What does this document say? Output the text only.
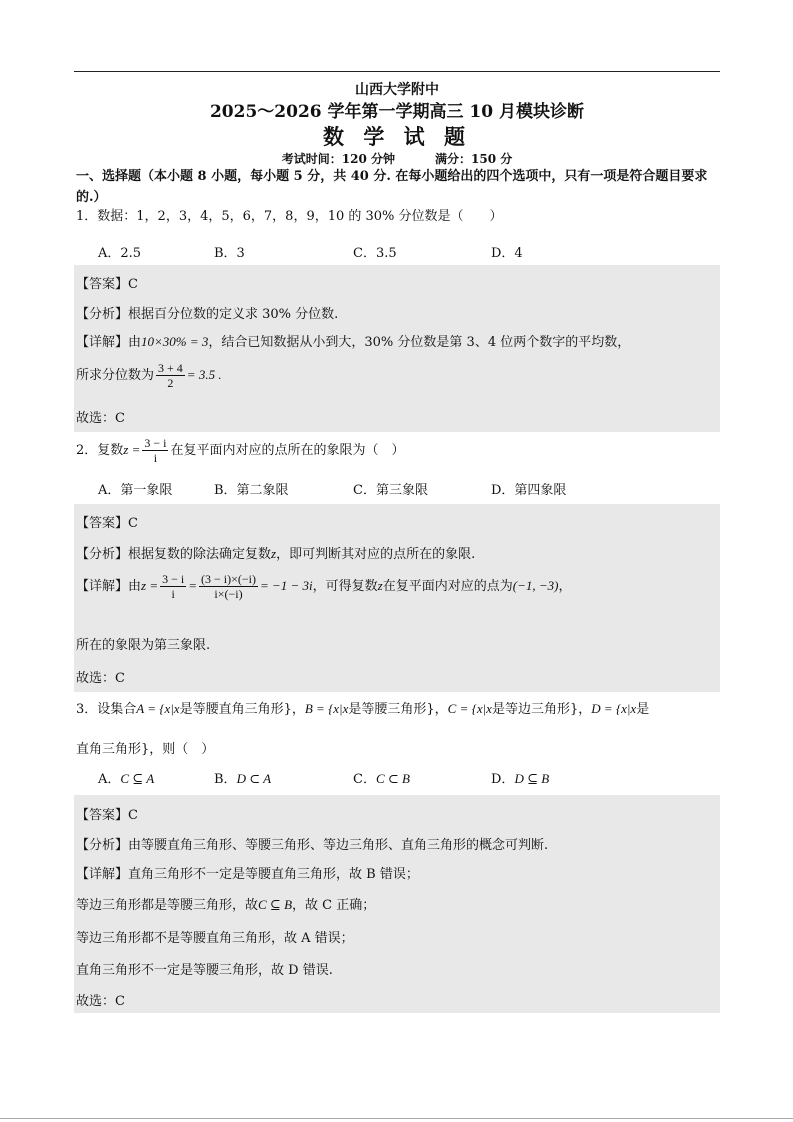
山西大学附中
2025～2026 学年第一学期高三 10 月模块诊断
数 学 试 题
考试时间：120 分钟	满分：150 分
一、选择题（本小题 8 小题，每小题 5 分，共 40 分. 在每小题给出的四个选项中，只有一项是符合题目要求的.）
1．数据：1，2，3，4，5，6，7，8，9，10 的 30% 分位数是（　　）
A．2.5	B．3	C．3.5	D．4
【答案】C
【分析】根据百分位数的定义求 30% 分位数.
【详解】由10×30% = 3，结合已知数据从小到大，30% 分位数是第 3、4 位两个数字的平均数，
所求分位数为 $\frac{3 + 4}{2} = 3.5$ .
故选：C
2．复数$z = \frac{3 - i}{i}$ 在复平面内对应的点所在的象限为（　）
A．第一象限	B．第二象限	C．第三象限	D．第四象限
【答案】C
【分析】根据复数的除法确定复数z，即可判断其对应的点所在的象限.
【详解】由$z = \frac{3 - i}{i} = \frac{(3 - i)\times(-i)}{i\times(-i)} = -1 - 3i$，可得复数z在复平面内对应的点为(−1, −3)，
所在的象限为第三象限.
故选：C
3．设集合A = {x|x是等腰直角三角形}，B = {x|x是等腰三角形}，C = {x|x是等边三角形}，D = {x|x是
直角三角形}，则（　）
A．C ⊆ A	B．D ⊂ A	C．C ⊂ B	D．D ⊆ B
【答案】C
【分析】由等腰直角三角形、等腰三角形、等边三角形、直角三角形的概念可判断.
【详解】直角三角形不一定是等腰直角三角形，故 B 错误；
等边三角形都是等腰三角形，故C ⊆ B，故 C 正确；
等边三角形都不是等腰直角三角形，故 A 错误；
直角三角形不一定是等腰三角形，故 D 错误.
故选：C
